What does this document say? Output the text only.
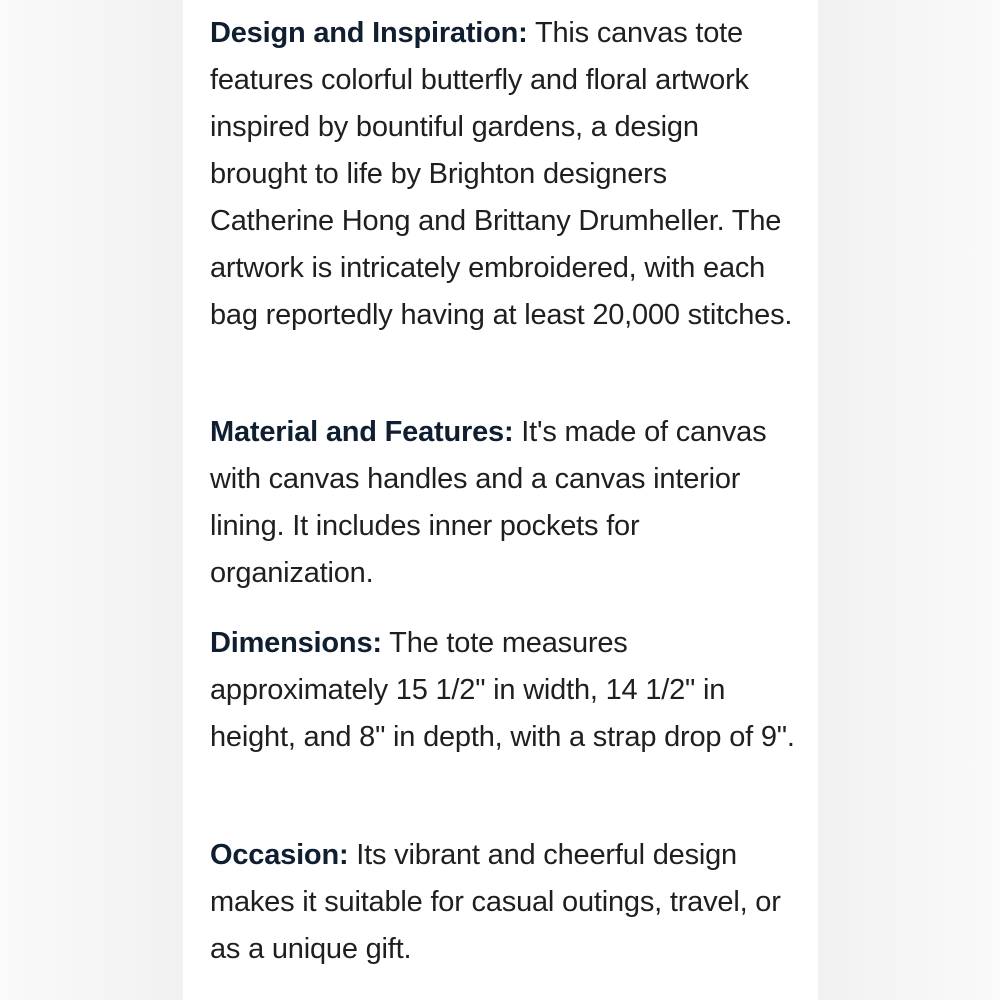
Design and Inspiration: This canvas tote features colorful butterfly and floral artwork inspired by bountiful gardens, a design brought to life by Brighton designers Catherine Hong and Brittany Drumheller. The artwork is intricately embroidered, with each bag reportedly having at least 20,000 stitches.

Material and Features: It's made of canvas with canvas handles and a canvas interior lining. It includes inner pockets for organization.

Dimensions: The tote measures approximately 15 1/2" in width, 14 1/2" in height, and 8" in depth, with a strap drop of 9".

Occasion: Its vibrant and cheerful design makes it suitable for casual outings, travel, or as a unique gift.
